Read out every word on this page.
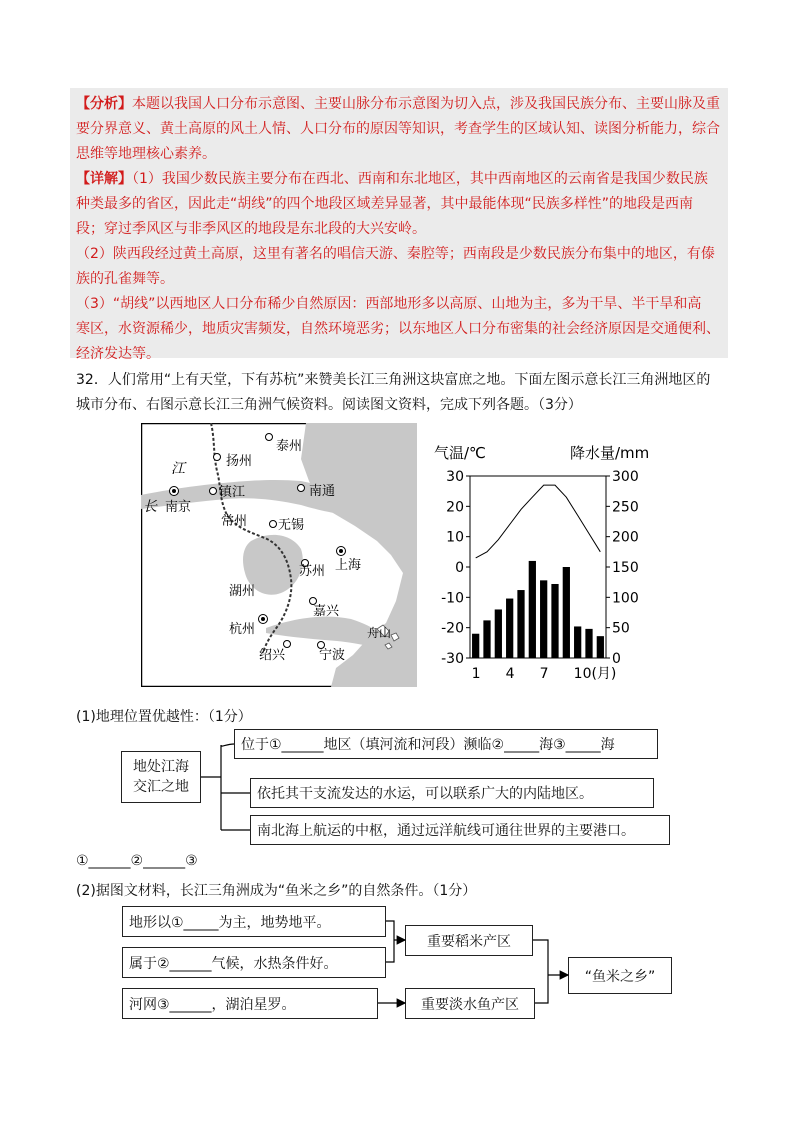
【分析】本题以我国人口分布示意图、主要山脉分布示意图为切入点，涉及我国民族分布、主要山脉及重
要分界意义、黄土高原的风土人情、人口分布的原因等知识，考查学生的区域认知、读图分析能力，综合
思维等地理核心素养。
【详解】（1）我国少数民族主要分布在西北、西南和东北地区，其中西南地区的云南省是我国少数民族
种类最多的省区，因此走“胡线”的四个地段区域差异显著，其中最能体现“民族多样性”的地段是西南
段；穿过季风区与非季风区的地段是东北段的大兴安岭。
（2）陕西段经过黄土高原，这里有著名的唱信天游、秦腔等；西南段是少数民族分布集中的地区，有傣
族的孔雀舞等。
（3）“胡线”以西地区人口分布稀少自然原因：西部地形多以高原、山地为主，多为干旱、半干旱和高
寒区，水资源稀少，地质灾害频发，自然环境恶劣；以东地区人口分布密集的社会经济原因是交通便利、
经济发达等。
32．人们常用“上有天堂，下有苏杭”来赞美长江三角洲这块富庶之地。下面左图示意长江三角洲地区的
城市分布、右图示意长江三角洲气候资料。阅读图文资料，完成下列各题。（3分）
泰州
扬州
镇江
南京
南通
常州 无锡
苏州 上海
湖州
嘉兴
杭州
绍兴	宁波
舟山
江
长
气温/℃	降水量/mm
30
20
10
0
-10
-20
-30
300
250
200
150
100
50
0
1 4 7 10(月)
(1)地理位置优越性：（1分）
地处江海
交汇之地
位于①______地区（填河流和河段）濒临②_____海③_____海
依托其干支流发达的水运，可以联系广大的内陆地区。
南北海上航运的中枢，通过远洋航线可通往世界的主要港口。
①______②______③
(2)据图文材料，长江三角洲成为“鱼米之乡”的自然条件。（1分）
地形以①_____为主，地势地平。
属于②______气候，水热条件好。
河网③______，湖泊星罗。
重要稻米产区
重要淡水鱼产区
“鱼米之乡”
